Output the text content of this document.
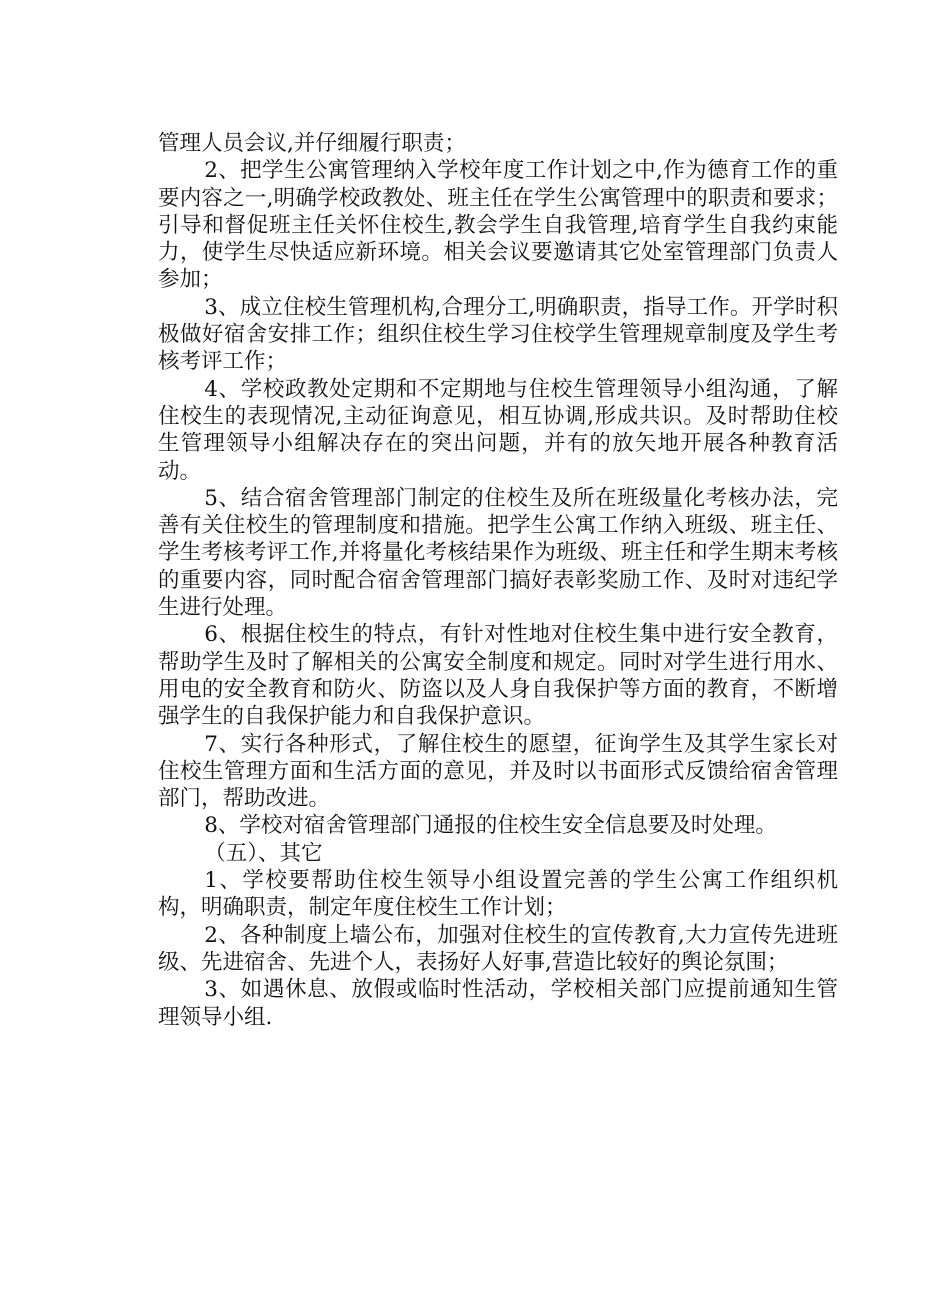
管理人员会议,并仔细履行职责；

2、把学生公寓管理纳入学校年度工作计划之中,作为德育工作的重要内容之一,明确学校政教处、班主任在学生公寓管理中的职责和要求；引导和督促班主任关怀住校生,教会学生自我管理,培育学生自我约束能力，使学生尽快适应新环境。相关会议要邀请其它处室管理部门负责人参加；

3、成立住校生管理机构,合理分工,明确职责，指导工作。开学时积极做好宿舍安排工作；组织住校生学习住校学生管理规章制度及学生考核考评工作；

4、学校政教处定期和不定期地与住校生管理领导小组沟通，了解住校生的表现情况,主动征询意见，相互协调,形成共识。及时帮助住校生管理领导小组解决存在的突出问题，并有的放矢地开展各种教育活动。

5、结合宿舍管理部门制定的住校生及所在班级量化考核办法，完善有关住校生的管理制度和措施。把学生公寓工作纳入班级、班主任、学生考核考评工作,并将量化考核结果作为班级、班主任和学生期末考核的重要内容，同时配合宿舍管理部门搞好表彰奖励工作、及时对违纪学生进行处理。

6、根据住校生的特点，有针对性地对住校生集中进行安全教育，帮助学生及时了解相关的公寓安全制度和规定。同时对学生进行用水、用电的安全教育和防火、防盗以及人身自我保护等方面的教育，不断增强学生的自我保护能力和自我保护意识。

7、实行各种形式，了解住校生的愿望，征询学生及其学生家长对住校生管理方面和生活方面的意见，并及时以书面形式反馈给宿舍管理部门，帮助改进。

8、学校对宿舍管理部门通报的住校生安全信息要及时处理。

（五）、其它

1、学校要帮助住校生领导小组设置完善的学生公寓工作组织机构，明确职责，制定年度住校生工作计划；

2、各种制度上墙公布，加强对住校生的宣传教育,大力宣传先进班级、先进宿舍、先进个人，表扬好人好事,营造比较好的舆论氛围；

3、如遇休息、放假或临时性活动，学校相关部门应提前通知生管理领导小组.
